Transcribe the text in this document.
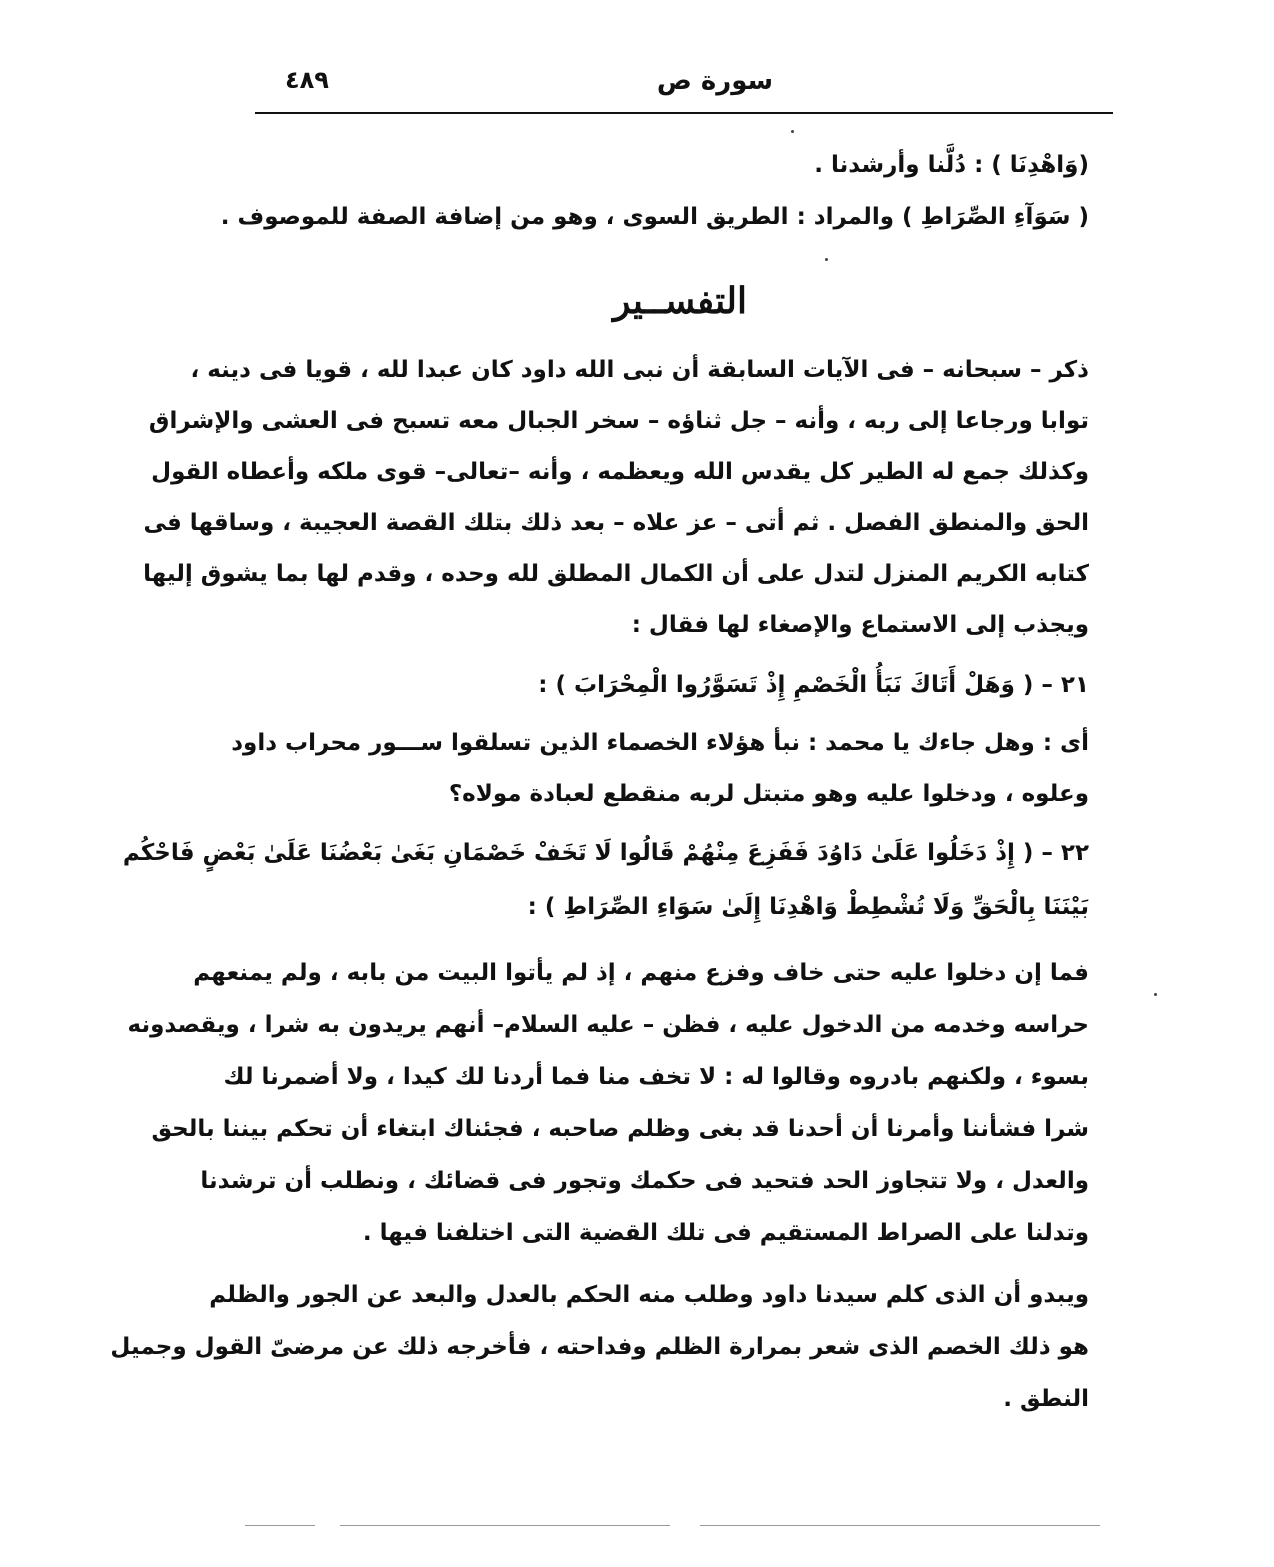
٤٨٩	سورة ص
(وَاهْدِنَا ) : دُلَّنا وأرشدنا .
( سَوَآءِ الصِّرَاطِ ) والمراد : الطريق السوى ، وهو من إضافة الصفة للموصوف .
التفســير
ذكر – سبحانه – فى الآيات السابقة أن نبى الله داود كان عبدا لله ، قويا فى دينه ،
توابا ورجاعا إلى ربه ، وأنه – جل ثناؤه – سخر الجبال معه تسبح فى العشى والإشراق
وكذلك جمع له الطير كل يقدس الله ويعظمه ، وأنه –تعالى– قوى ملكه وأعطاه القول
الحق والمنطق الفصل . ثم أتى – عز علاه – بعد ذلك بتلك القصة العجيبة ، وساقها فى
كتابه الكريم المنزل لتدل على أن الكمال المطلق لله وحده ، وقدم لها بما يشوق إليها
ويجذب إلى الاستماع والإصغاء لها فقال :
٢١ – ( وَهَلْ أَتَاكَ نَبَأُ الْخَصْمِ إِذْ تَسَوَّرُوا الْمِحْرَابَ ) :
أى : وهل جاءك يا محمد : نبأ هؤلاء الخصماء الذين تسلقوا ســـور محراب داود
وعلوه ، ودخلوا عليه وهو متبتل لربه منقطع لعبادة مولاه؟
٢٢ – ( إِذْ دَخَلُوا عَلَىٰ دَاوُدَ فَفَزِعَ مِنْهُمْ قَالُوا لَا تَخَفْ خَصْمَانِ بَغَىٰ بَعْضُنَا عَلَىٰ بَعْضٍ فَاحْكُم
بَيْنَنَا بِالْحَقِّ وَلَا تُشْطِطْ وَاهْدِنَا إِلَىٰ سَوَاءِ الصِّرَاطِ ) :
فما إن دخلوا عليه حتى خاف وفزع منهم ، إذ لم يأتوا البيت من بابه ، ولم يمنعهم
حراسه وخدمه من الدخول عليه ، فظن – عليه السلام– أنهم يريدون به شرا ، ويقصدونه
بسوء ، ولكنهم بادروه وقالوا له : لا تخف منا فما أردنا لك كيدا ، ولا أضمرنا لك
شرا فشأننا وأمرنا أن أحدنا قد بغى وظلم صاحبه ، فجئناك ابتغاء أن تحكم بيننا بالحق
والعدل ، ولا تتجاوز الحد فتحيد فى حكمك وتجور فى قضائك ، ونطلب أن ترشدنا
وتدلنا على الصراط المستقيم فى تلك القضية التى اختلفنا فيها .
ويبدو أن الذى كلم سيدنا داود وطلب منه الحكم بالعدل والبعد عن الجور والظلم
هو ذلك الخصم الذى شعر بمرارة الظلم وفداحته ، فأخرجه ذلك عن مرضىّ القول وجميل
النطق .
